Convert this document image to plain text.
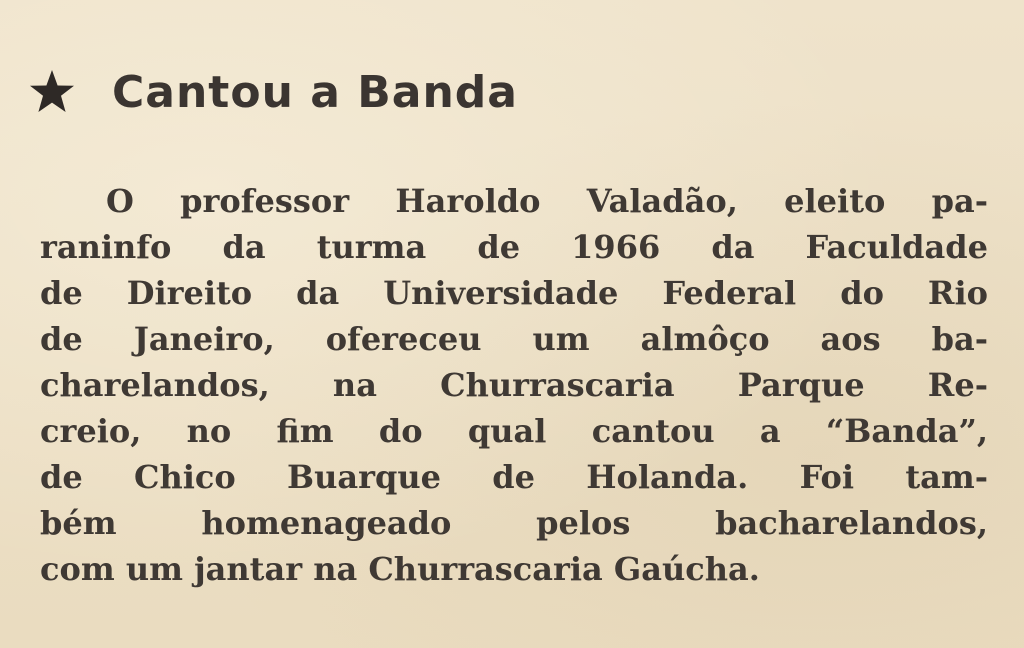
Cantou a Banda
O professor Haroldo Valadão, eleito pa-
raninfo da turma de 1966 da Faculdade
de Direito da Universidade Federal do Rio
de Janeiro, ofereceu um almôço aos ba-
charelandos, na Churrascaria Parque Re-
creio, no fim do qual cantou a “Banda”,
de Chico Buarque de Holanda. Foi tam-
bém homenageado pelos bacharelandos,
com um jantar na Churrascaria Gaúcha.
